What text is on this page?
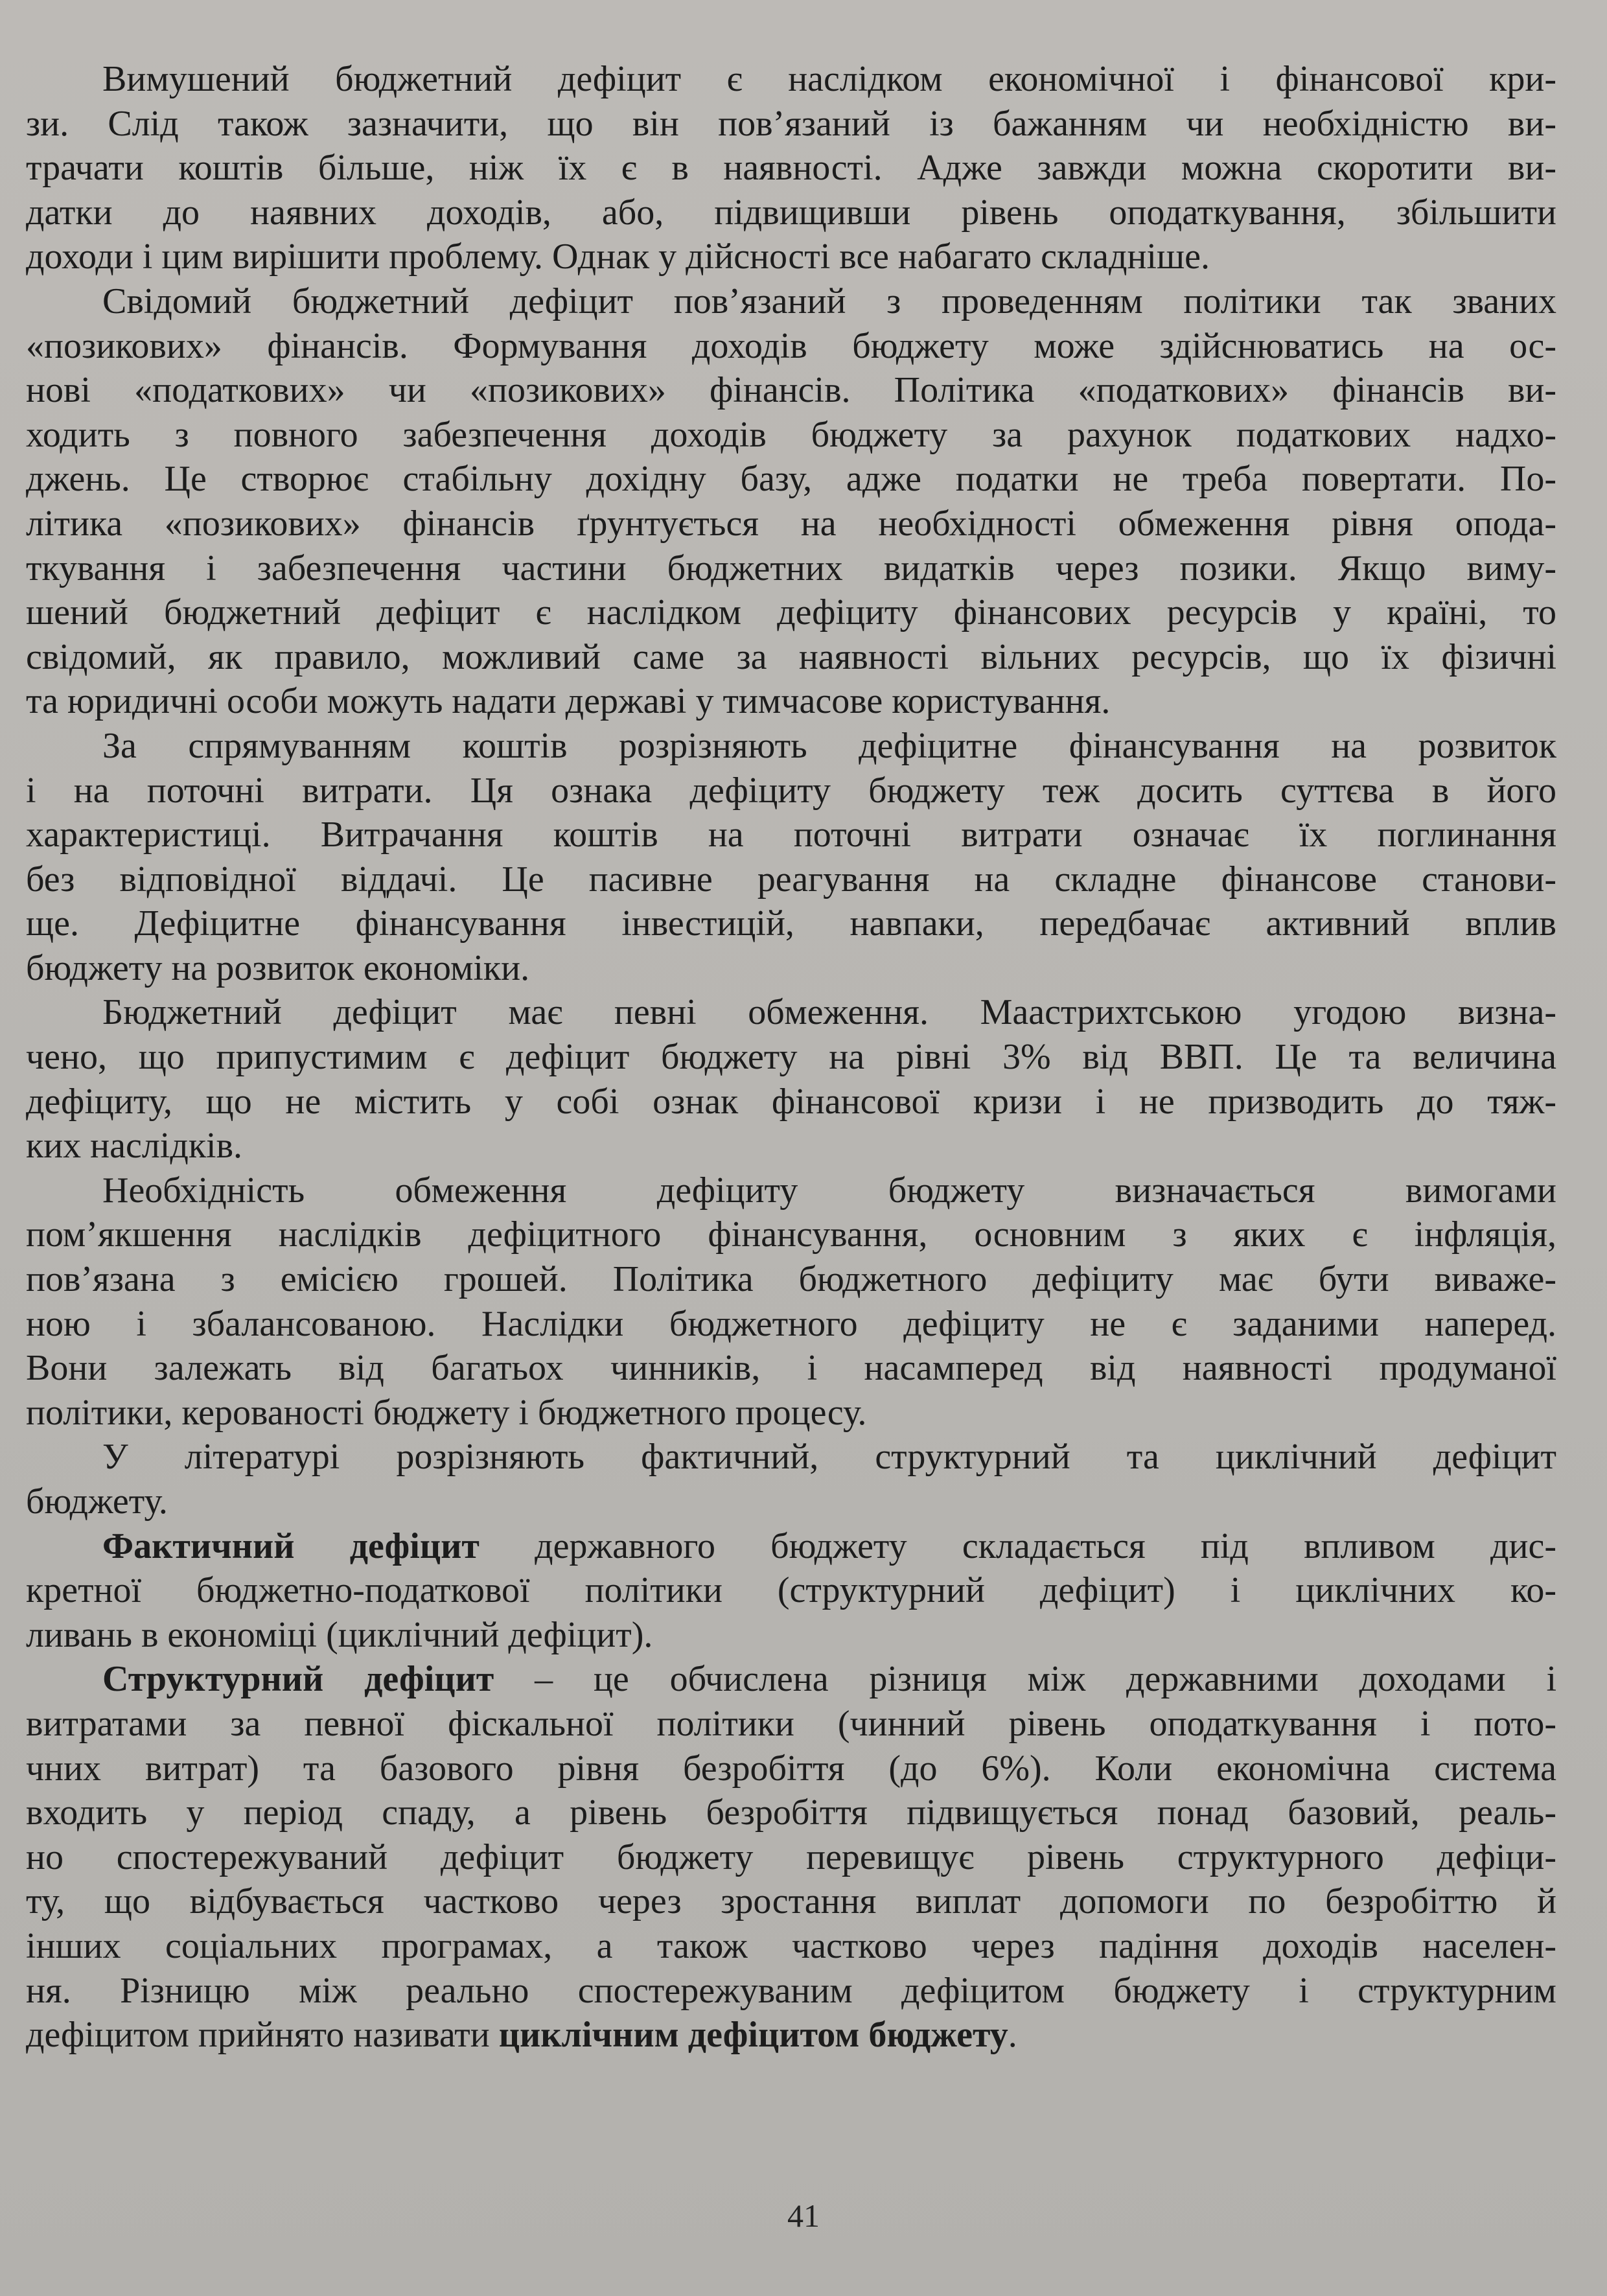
Вимушений бюджетний дефіцит є наслідком економічної і фінансової кри-
зи. Слід також зазначити, що він пов’язаний із бажанням чи необхідністю ви-
трачати коштів більше, ніж їх є в наявності. Адже завжди можна скоротити ви-
датки до наявних доходів, або, підвищивши рівень оподаткування, збільшити
доходи і цим вирішити проблему. Однак у дійсності все набагато складніше.
Свідомий бюджетний дефіцит пов’язаний з проведенням політики так званих
«позикових» фінансів. Формування доходів бюджету може здійснюватись на ос-
нові «податкових» чи «позикових» фінансів. Політика «податкових» фінансів ви-
ходить з повного забезпечення доходів бюджету за рахунок податкових надхо-
джень. Це створює стабільну дохідну базу, адже податки не треба повертати. По-
літика «позикових» фінансів ґрунтується на необхідності обмеження рівня опода-
ткування і забезпечення частини бюджетних видатків через позики. Якщо виму-
шений бюджетний дефіцит є наслідком дефіциту фінансових ресурсів у країні, то
свідомий, як правило, можливий саме за наявності вільних ресурсів, що їх фізичні
та юридичні особи можуть надати державі у тимчасове користування.
За спрямуванням коштів розрізняють дефіцитне фінансування на розвиток
і на поточні витрати. Ця ознака дефіциту бюджету теж досить суттєва в його
характеристиці. Витрачання коштів на поточні витрати означає їх поглинання
без відповідної віддачі. Це пасивне реагування на складне фінансове станови-
ще. Дефіцитне фінансування інвестицій, навпаки, передбачає активний вплив
бюджету на розвиток економіки.
Бюджетний дефіцит має певні обмеження. Маастрихтською угодою визна-
чено, що припустимим є дефіцит бюджету на рівні 3% від ВВП. Це та величина
дефіциту, що не містить у собі ознак фінансової кризи і не призводить до тяж-
ких наслідків.
Необхідність обмеження дефіциту бюджету визначається вимогами
пом’якшення наслідків дефіцитного фінансування, основним з яких є інфляція,
пов’язана з емісією грошей. Політика бюджетного дефіциту має бути виваже-
ною і збалансованою. Наслідки бюджетного дефіциту не є заданими наперед.
Вони залежать від багатьох чинників, і насамперед від наявності продуманої
політики, керованості бюджету і бюджетного процесу.
У літературі розрізняють фактичний, структурний та циклічний дефіцит
бюджету.
Фактичний дефіцит державного бюджету складається під впливом дис-
кретної бюджетно-податкової політики (структурний дефіцит) і циклічних ко-
ливань в економіці (циклічний дефіцит).
Структурний дефіцит – це обчислена різниця між державними доходами і
витратами за певної фіскальної політики (чинний рівень оподаткування і пото-
чних витрат) та базового рівня безробіття (до 6%). Коли економічна система
входить у період спаду, а рівень безробіття підвищується понад базовий, реаль-
но спостережуваний дефіцит бюджету перевищує рівень структурного дефіци-
ту, що відбувається частково через зростання виплат допомоги по безробіттю й
інших соціальних програмах, а також частково через падіння доходів населен-
ня. Різницю між реально спостережуваним дефіцитом бюджету і структурним
дефіцитом прийнято називати циклічним дефіцитом бюджету.
41
